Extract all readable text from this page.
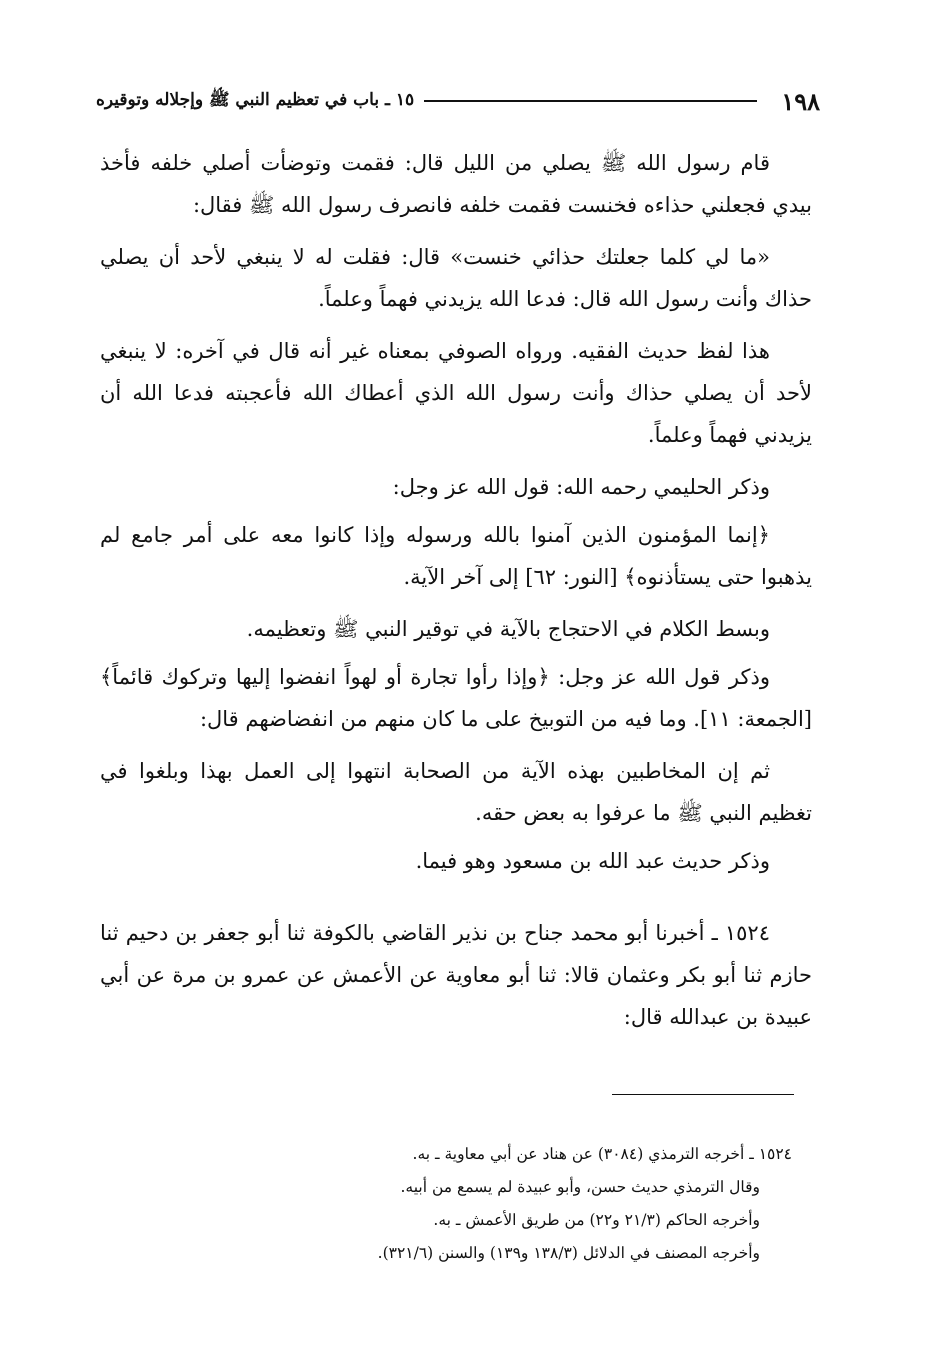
١٩٨
١٥ ـ باب في تعظيم النبي ﷺ وإجلاله وتوقيره

قام رسول الله ﷺ يصلي من الليل قال: فقمت وتوضأت أصلي خلفه فأخذ بيدي فجعلني حذاءه فخنست فقمت خلفه فانصرف رسول الله ﷺ فقال:

«ما لي كلما جعلتك حذائي خنست» قال: فقلت له لا ينبغي لأحد أن يصلي حذاك وأنت رسول الله قال: فدعا الله يزيدني فهماً وعلماً.

هذا لفظ حديث الفقيه. ورواه الصوفي بمعناه غير أنه قال في آخره: لا ينبغي لأحد أن يصلي حذاك وأنت رسول الله الذي أعطاك الله فأعجبته فدعا الله أن يزيدني فهماً وعلماً.

وذكر الحليمي رحمه الله: قول الله عز وجل:

﴿إنما المؤمنون الذين آمنوا بالله ورسوله وإذا كانوا معه على أمر جامع لم يذهبوا حتى يستأذنوه﴾ [النور: ٦٢] إلى آخر الآية.

وبسط الكلام في الاحتجاج بالآية في توقير النبي ﷺ وتعظيمه.

وذكر قول الله عز وجل: ﴿وإذا رأوا تجارة أو لهواً انفضوا إليها وتركوك قائماً﴾ [الجمعة: ١١]. وما فيه من التوبيخ على ما كان منهم من انفضاضهم قال:

ثم إن المخاطبين بهذه الآية من الصحابة انتهوا إلى العمل بهذا وبلغوا في تغظيم النبي ﷺ ما عرفوا به بعض حقه.

وذكر حديث عبد الله بن مسعود وهو فيما.

١٥٢٤ ـ أخبرنا أبو محمد جناح بن نذير القاضي بالكوفة ثنا أبو جعفر بن دحيم ثنا حازم ثنا أبو بكر وعثمان قالا: ثنا أبو معاوية عن الأعمش عن عمرو بن مرة عن أبي عبيدة بن عبدالله قال:

١٥٢٤ ـ أخرجه الترمذي (٣٠٨٤) عن هناد عن أبي معاوية ـ به.
وقال الترمذي حديث حسن، وأبو عبيدة لم يسمع من أبيه.
وأخرجه الحاكم (٢١/٣ و٢٢) من طريق الأعمش ـ به.
وأخرجه المصنف في الدلائل (١٣٨/٣ و١٣٩) والسنن (٣٢١/٦).
